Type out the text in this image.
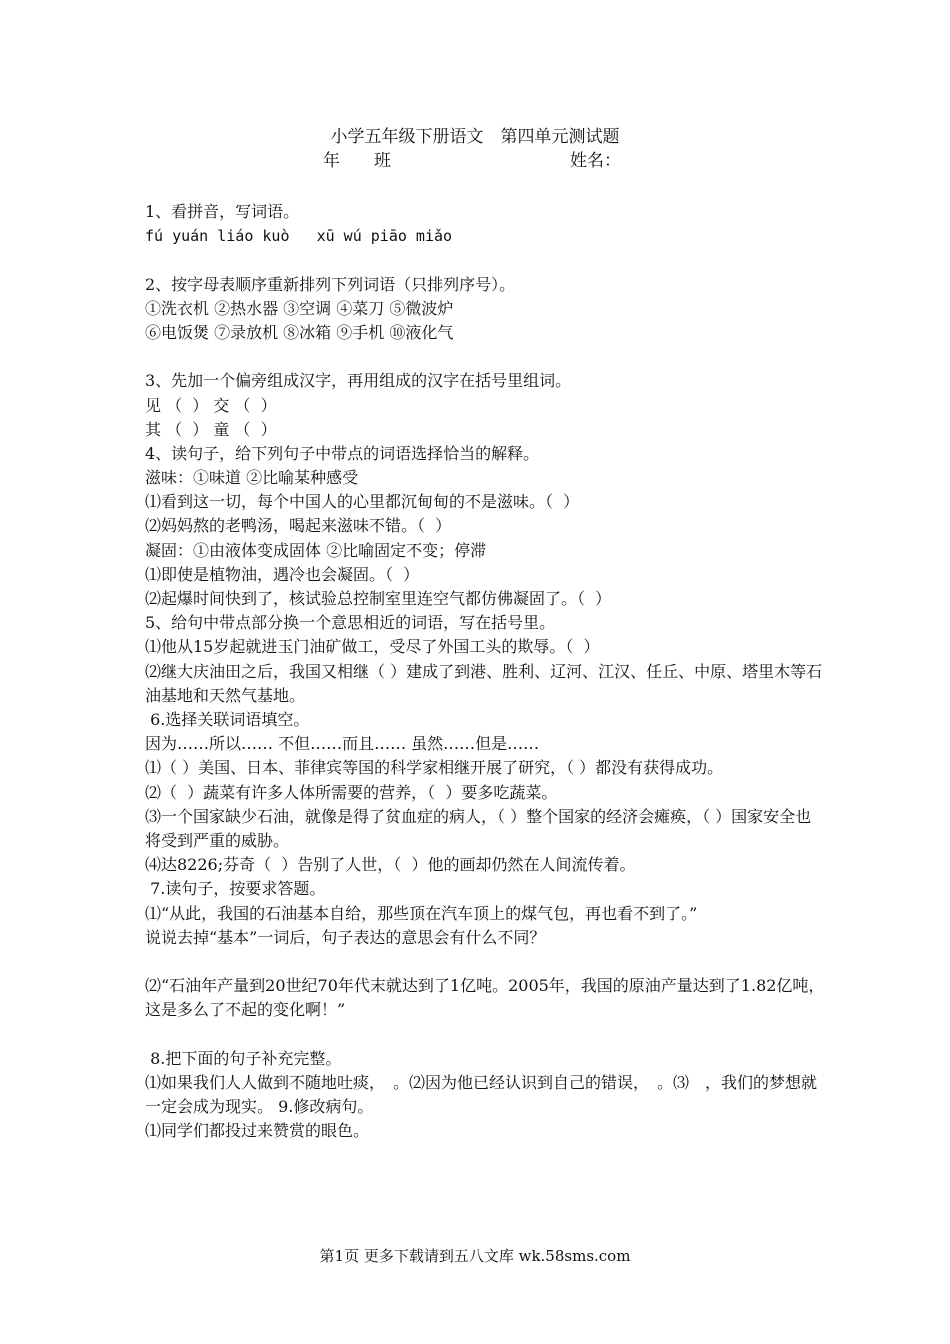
小学五年级下册语文　第四单元测试题
年　　班	姓名：
1、看拼音，写词语。
fú yuán liáo kuò   xū wú piāo miǎo
2、按字母表顺序重新排列下列词语（只排列序号）。
①洗衣机 ②热水器 ③空调 ④菜刀 ⑤微波炉
⑥电饭煲 ⑦录放机 ⑧冰箱 ⑨手机 ⑩液化气
3、先加一个偏旁组成汉字，再用组成的汉字在括号里组词。
见 （  ） 交 （  ）
其 （  ） 童 （  ）
4、读句子，给下列句子中带点的词语选择恰当的解释。
滋味：①味道 ②比喻某种感受
⑴看到这一切，每个中国人的心里都沉甸甸的不是滋味。（  ）
⑵妈妈熬的老鸭汤，喝起来滋味不错。（  ）
凝固：①由液体变成固体 ②比喻固定不变；停滞
⑴即使是植物油，遇冷也会凝固。（  ）
⑵起爆时间快到了，核试验总控制室里连空气都仿佛凝固了。（  ）
5、给句中带点部分换一个意思相近的词语，写在括号里。
⑴他从15岁起就进玉门油矿做工，受尽了外国工头的欺辱。（  ）
⑵继大庆油田之后，我国又相继（ ）建成了到港、胜利、辽河、江汉、任丘、中原、塔里木等石油基地和天然气基地。
6.选择关联词语填空。
因为……所以…… 不但……而且…… 虽然……但是……
⑴（ ）美国、日本、菲律宾等国的科学家相继开展了研究，（ ）都没有获得成功。
⑵（  ）蔬菜有许多人体所需要的营养，（  ）要多吃蔬菜。
⑶一个国家缺少石油，就像是得了贫血症的病人，（ ）整个国家的经济会瘫痪，（ ）国家安全也将受到严重的威胁。
⑷达8226;芬奇（  ）告别了人世，（  ）他的画却仍然在人间流传着。
7.读句子，按要求答题。
⑴“从此，我国的石油基本自给，那些顶在汽车顶上的煤气包，再也看不到了。”
说说去掉“基本”一词后，句子表达的意思会有什么不同？
⑵“石油年产量到20世纪70年代末就达到了1亿吨。2005年，我国的原油产量达到了1.82亿吨，这是多么了不起的变化啊！”
8.把下面的句子补充完整。
⑴如果我们人人做到不随地吐痰，　。⑵因为他已经认识到自己的错误，　。⑶　，我们的梦想就一定会成为现实。 9.修改病句。
⑴同学们都投过来赞赏的眼色。
第1页 更多下载请到五八文库 wk.58sms.com
